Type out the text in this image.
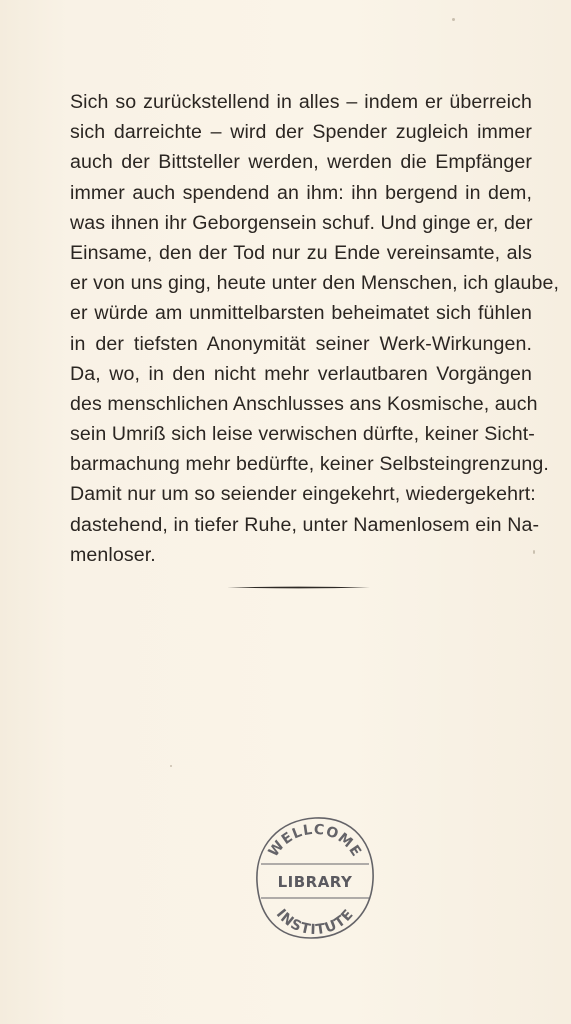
Sich so zurückstellend in alles – indem er überreich
sich darreichte – wird der Spender zugleich immer
auch der Bittsteller werden, werden die Empfänger
immer auch spendend an ihm: ihn bergend in dem,
was ihnen ihr Geborgensein schuf. Und ginge er, der
Einsame, den der Tod nur zu Ende vereinsamte, als
er von uns ging, heute unter den Menschen, ich glaube,
er würde am unmittelbarsten beheimatet sich fühlen
in der tiefsten Anonymität seiner Werk-Wirkungen.
Da, wo, in den nicht mehr verlautbaren Vorgängen
des menschlichen Anschlusses ans Kosmische, auch
sein Umriß sich leise verwischen dürfte, keiner Sicht-
barmachung mehr bedürfte, keiner Selbsteingrenzung.
Damit nur um so seiender eingekehrt, wiedergekehrt:
dastehend, in tiefer Ruhe, unter Namenlosem ein Na-
menloser.
WELLCOME
LIBRARY
INSTITUTE
